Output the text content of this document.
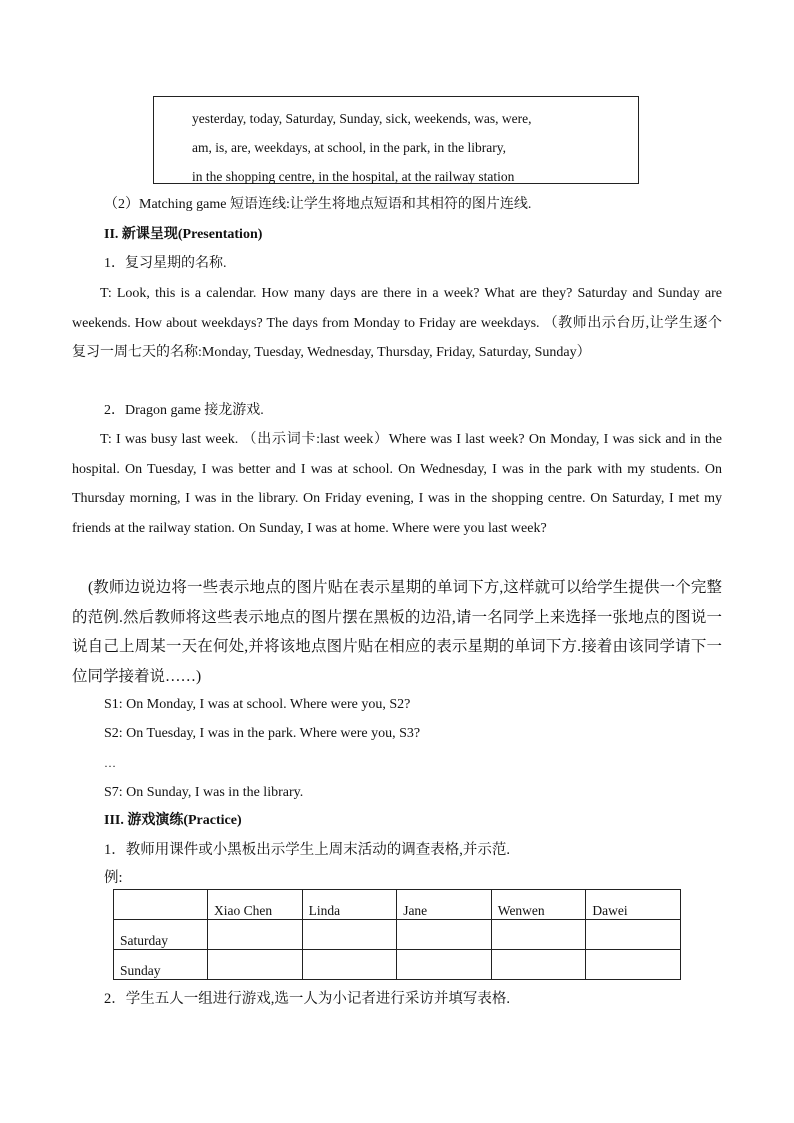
yesterday, today, Saturday, Sunday, sick, weekends, was, were,
am, is, are, weekdays, at school, in the park, in the library,
in the shopping centre, in the hospital, at the railway station
（2）Matching game 短语连线:让学生将地点短语和其相符的图片连线.
II. 新课呈现(Presentation)
1．复习星期的名称.
T: Look, this is a calendar. How many days are there in a week? What are they? Saturday and Sunday are weekends. How about weekdays? The days from Monday to Friday are weekdays. （教师出示台历,让学生逐个复习一周七天的名称:Monday, Tuesday, Wednesday, Thursday, Friday, Saturday, Sunday）
2．Dragon game 接龙游戏.
T: I was busy last week. （出示词卡:last week）Where was I last week? On Monday, I was sick and in the hospital. On Tuesday, I was better and I was at school. On Wednesday, I was in the park with my students. On Thursday morning, I was in the library. On Friday evening, I was in the shopping centre. On Saturday, I met my friends at the railway station. On Sunday, I was at home. Where were you last week?
(教师边说边将一些表示地点的图片贴在表示星期的单词下方,这样就可以给学生提供一个完整的范例.然后教师将这些表示地点的图片摆在黑板的边沿,请一名同学上来选择一张地点的图说一说自己上周某一天在何处,并将该地点图片贴在相应的表示星期的单词下方.接着由该同学请下一位同学接着说……)
S1: On Monday, I was at school. Where were you, S2?
S2: On Tuesday, I was in the park. Where were you, S3?
…
S7: On Sunday, I was in the library.
III. 游戏演练(Practice)
1．教师用课件或小黑板出示学生上周末活动的调查表格,并示范.
例:
	Xiao Chen	Linda	Jane	Wenwen	Dawei
Saturday					
Sunday					
2．学生五人一组进行游戏,选一人为小记者进行采访并填写表格.
